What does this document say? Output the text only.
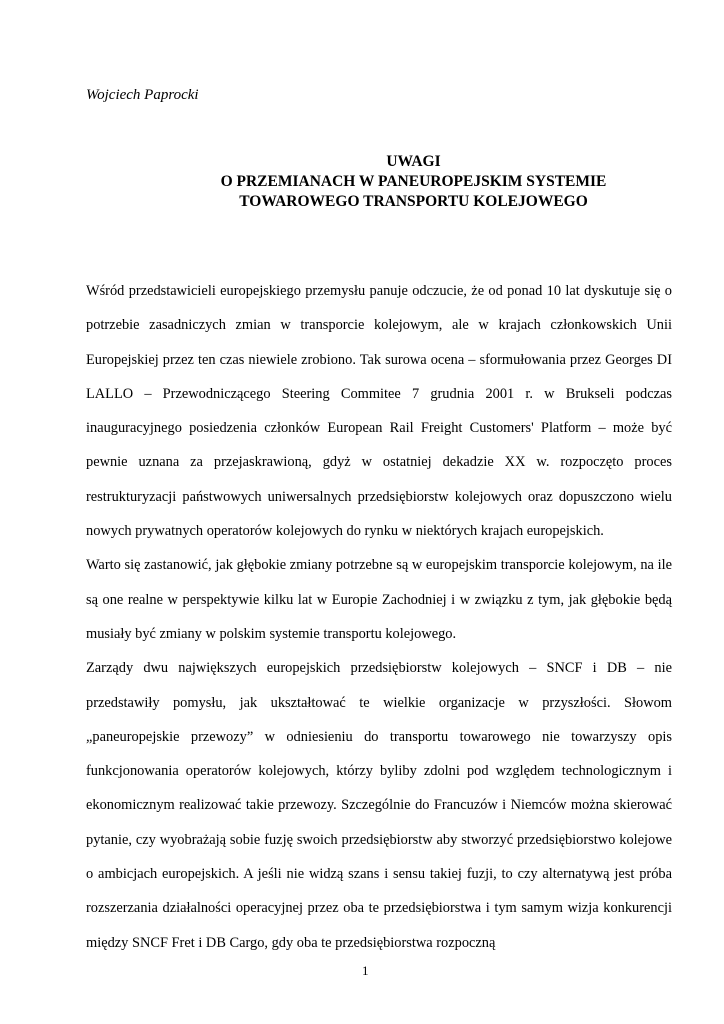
Wojciech Paprocki
UWAGI
O PRZEMIANACH W PANEUROPEJSKIM SYSTEMIE
TOWAROWEGO TRANSPORTU KOLEJOWEGO

Wśród przedstawicieli europejskiego przemysłu panuje odczucie, że od ponad 10 lat dyskutuje się o potrzebie zasadniczych zmian w transporcie kolejowym, ale w krajach członkowskich Unii Europejskiej przez ten czas niewiele zrobiono. Tak surowa ocena – sformułowania przez Georges DI LALLO – Przewodniczącego Steering Commitee 7 grudnia 2001 r. w Brukseli podczas inauguracyjnego posiedzenia członków European Rail Freight Customers' Platform – może być pewnie uznana za przejaskrawioną, gdyż w ostatniej dekadzie XX w. rozpoczęto proces restrukturyzacji państwowych uniwersalnych przedsiębiorstw kolejowych oraz dopuszczono wielu nowych prywatnych operatorów kolejowych do rynku w niektórych krajach europejskich.

Warto się zastanowić, jak głębokie zmiany potrzebne są w europejskim transporcie kolejowym, na ile są one realne w perspektywie kilku lat w Europie Zachodniej i w związku z tym, jak głębokie będą musiały być zmiany w polskim systemie transportu kolejowego.

Zarządy dwu największych europejskich przedsiębiorstw kolejowych – SNCF i DB – nie przedstawiły pomysłu, jak ukształtować te wielkie organizacje w przyszłości. Słowom „paneuropejskie przewozy” w odniesieniu do transportu towarowego nie towarzyszy opis funkcjonowania operatorów kolejowych, którzy byliby zdolni pod względem technologicznym i ekonomicznym realizować takie przewozy. Szczególnie do Francuzów i Niemców można skierować pytanie, czy wyobrażają sobie fuzję swoich przedsiębiorstw aby stworzyć przedsiębiorstwo kolejowe o ambicjach europejskich. A jeśli nie widzą szans i sensu takiej fuzji, to czy alternatywą jest próba rozszerzania działalności operacyjnej przez oba te przedsiębiorstwa i tym samym wizja konkurencji między SNCF Fret i DB Cargo, gdy oba te przedsiębiorstwa rozpoczną

1
